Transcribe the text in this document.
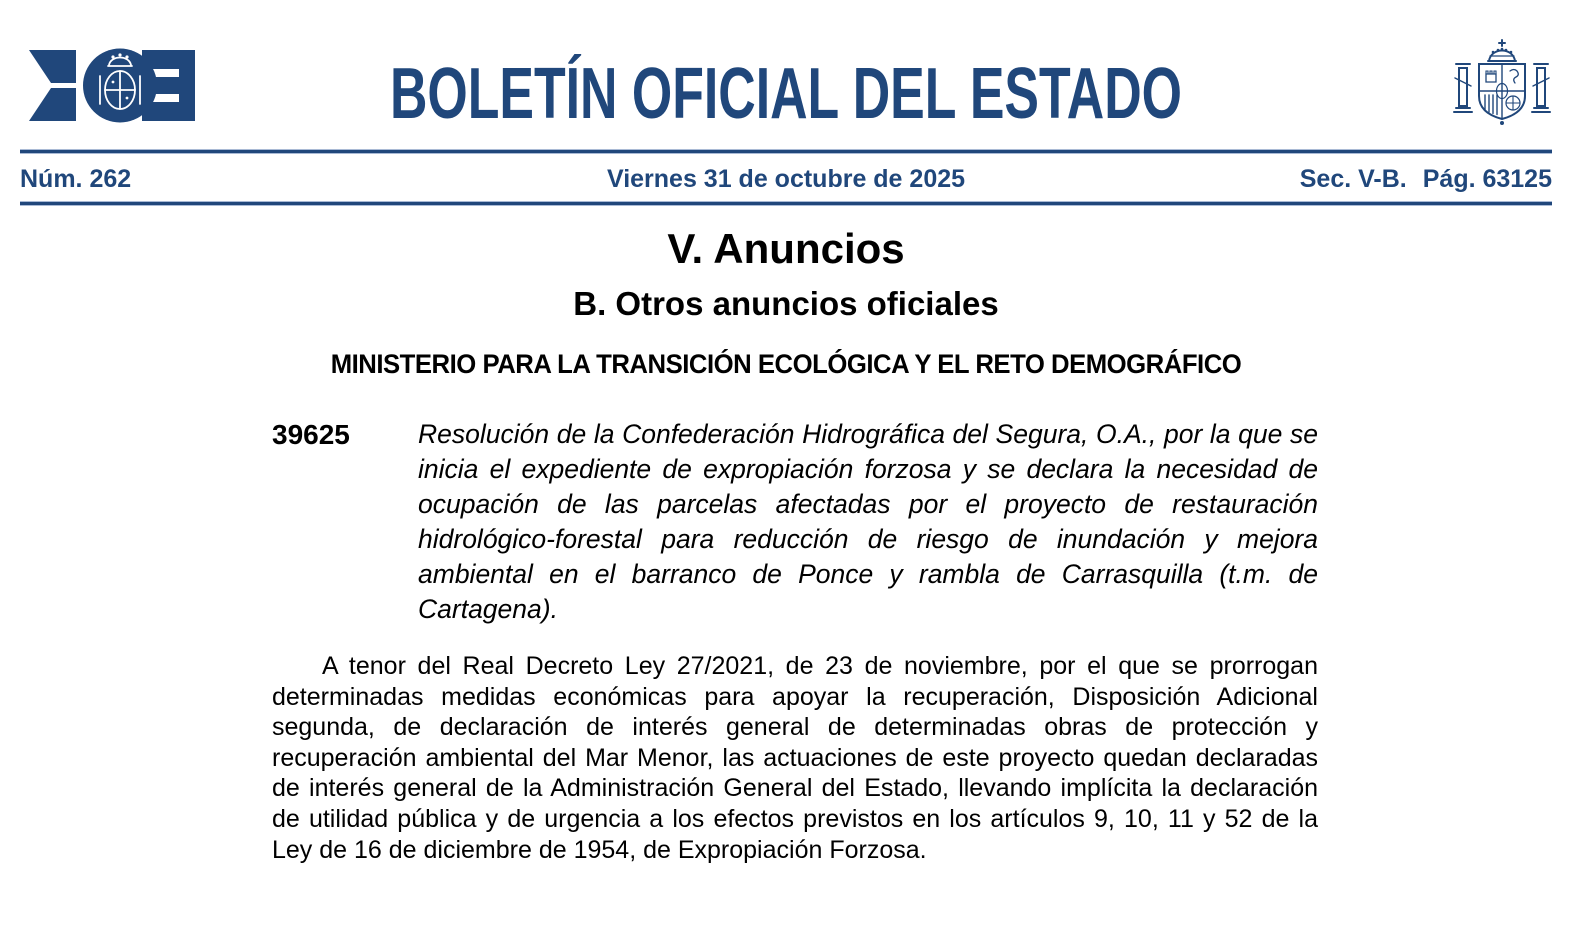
BOLETÍN OFICIAL DEL ESTADO
Núm. 262	Viernes 31 de octubre de 2025	Sec. V-B. Pág. 63125
V. Anuncios
B. Otros anuncios oficiales
MINISTERIO PARA LA TRANSICIÓN ECOLÓGICA Y EL RETO DEMOGRÁFICO
39625	Resolución de la Confederación Hidrográfica del Segura, O.A., por la que se inicia el expediente de expropiación forzosa y se declara la necesidad de ocupación de las parcelas afectadas por el proyecto de restauración hidrológico-forestal para reducción de riesgo de inundación y mejora ambiental en el barranco de Ponce y rambla de Carrasquilla (t.m. de Cartagena).

A tenor del Real Decreto Ley 27/2021, de 23 de noviembre, por el que se prorrogan determinadas medidas económicas para apoyar la recuperación, Disposición Adicional segunda, de declaración de interés general de determinadas obras de protección y recuperación ambiental del Mar Menor, las actuaciones de este proyecto quedan declaradas de interés general de la Administración General del Estado, llevando implícita la declaración de utilidad pública y de urgencia a los efectos previstos en los artículos 9, 10, 11 y 52 de la Ley de 16 de diciembre de 1954, de Expropiación Forzosa.
